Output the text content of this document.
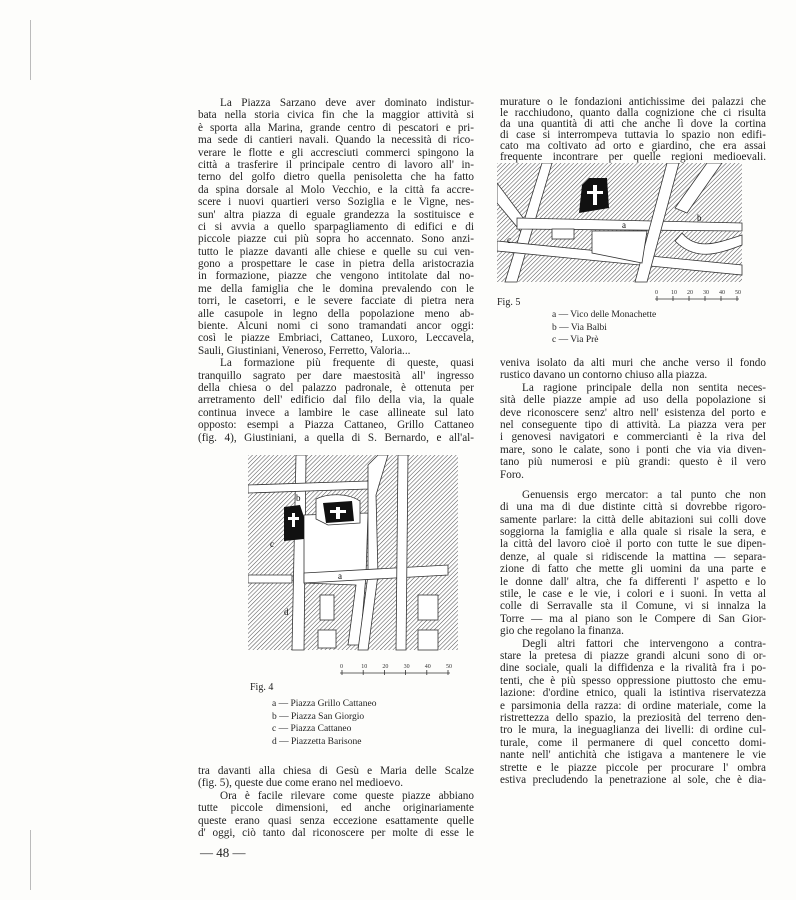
La Piazza Sarzano deve aver dominato indistur-
bata nella storia civica fin che la maggior attività si
è sporta alla Marina, grande centro di pescatori e pri-
ma sede di cantieri navali. Quando la necessità di rico-
verare le flotte e gli accresciuti commerci spingono la
città a trasferire il principale centro di lavoro all' in-
terno del golfo dietro quella penisoletta che ha fatto
da spina dorsale al Molo Vecchio, e la città fa accre-
scere i nuovi quartieri verso Soziglia e le Vigne, nes-
sun' altra piazza di eguale grandezza la sostituisce e
ci si avvia a quello sparpagliamento di edifici e di
piccole piazze cui più sopra ho accennato. Sono anzi-
tutto le piazze davanti alle chiese e quelle su cui ven-
gono a prospettare le case in pietra della aristocrazia
in formazione, piazze che vengono intitolate dal no-
me della famiglia che le domina prevalendo con le
torri, le casetorri, e le severe facciate di pietra nera
alle casupole in legno della popolazione meno ab-
biente. Alcuni nomi ci sono tramandati ancor oggi:
così le piazze Embriaci, Cattaneo, Luxoro, Leccavela,
Sauli, Giustiniani, Veneroso, Ferretto, Valoria...
La formazione più frequente di queste, quasi
tranquillo sagrato per dare maestosità all' ingresso
della chiesa o del palazzo padronale, è ottenuta per
arretramento dell' edificio dal filo della via, la quale
continua invece a lambire le case allineate sul lato
opposto: esempi a Piazza Cattaneo, Grillo Cattaneo
(fig. 4), Giustiniani, a quella di S. Bernardo, e all'al-
tra davanti alla chiesa di Gesù e Maria delle Scalze
(fig. 5), queste due come erano nel medioevo.
Ora è facile rilevare come queste piazze abbiano
tutte piccole dimensioni, ed anche originariamente
queste erano quasi senza eccezione esattamente quelle
d' oggi, ciò tanto dal riconoscere per molte di esse le
murature o le fondazioni antichissime dei palazzi che
le racchiudono, quanto dalla cognizione che ci risulta
da una quantità di atti che anche lì dove la cortina
di case si interrompeva tuttavia lo spazio non edifi-
cato ma coltivato ad orto e giardino, che era assai
frequente incontrare per quelle regioni medioevali.
veniva isolato da alti muri che anche verso il fondo
rustico davano un contorno chiuso alla piazza.
La ragione principale della non sentita neces-
sità delle piazze ampie ad uso della popolazione si
deve riconoscere senz' altro nell' esistenza del porto e
nel conseguente tipo di attività. La piazza vera per
i genovesi navigatori e commercianti è la riva del
mare, sono le calate, sono i ponti che via via diven-
tano più numerosi e più grandi: questo è il vero
Foro.
Genuensis ergo mercator: a tal punto che non
di una ma di due distinte città si dovrebbe rigoro-
samente parlare: la città delle abitazioni sui colli dove
soggiorna la famiglia e alla quale si risale la sera, e
la città del lavoro cioè il porto con tutte le sue dipen-
denze, al quale si ridiscende la mattina — separa-
zione di fatto che mette gli uomini da una parte e
le donne dall' altra, che fa differenti l' aspetto e lo
stile, le case e le vie, i colori e i suoni. In vetta al
colle di Serravalle sta il Comune, vi si innalza la
Torre — ma al piano son le Compere di San Gior-
gio che regolano la finanza.
Degli altri fattori che intervengono a contra-
stare la pretesa di piazze grandi alcuni sono di or-
dine sociale, quali la diffidenza e la rivalità fra i po-
tenti, che è più spesso oppressione piuttosto che emu-
lazione: d'ordine etnico, quali la istintiva riservatezza
e parsimonia della razza: di ordine materiale, come la
ristrettezza dello spazio, la preziosità del terreno den-
tro le mura, la ineguaglianza dei livelli: di ordine cul-
turale, come il permanere di quel concetto domi-
nante nell' antichità che istigava a mantenere le vie
strette e le piazze piccole per procurare l' ombra
estiva precludendo la penetrazione al sole, che è dia-
b
c
a
d
0	10	20	30	40	50
Fig. 4
a — Piazza Grillo Cattaneo
b — Piazza San Giorgio
c — Piazza Cattaneo
d — Piazzetta Barisone
a
b
c
0 10 20 30 40 50
Fig. 5
a — Vico delle Monachette
b — Via Balbi
c — Via Prè
— 48 —
